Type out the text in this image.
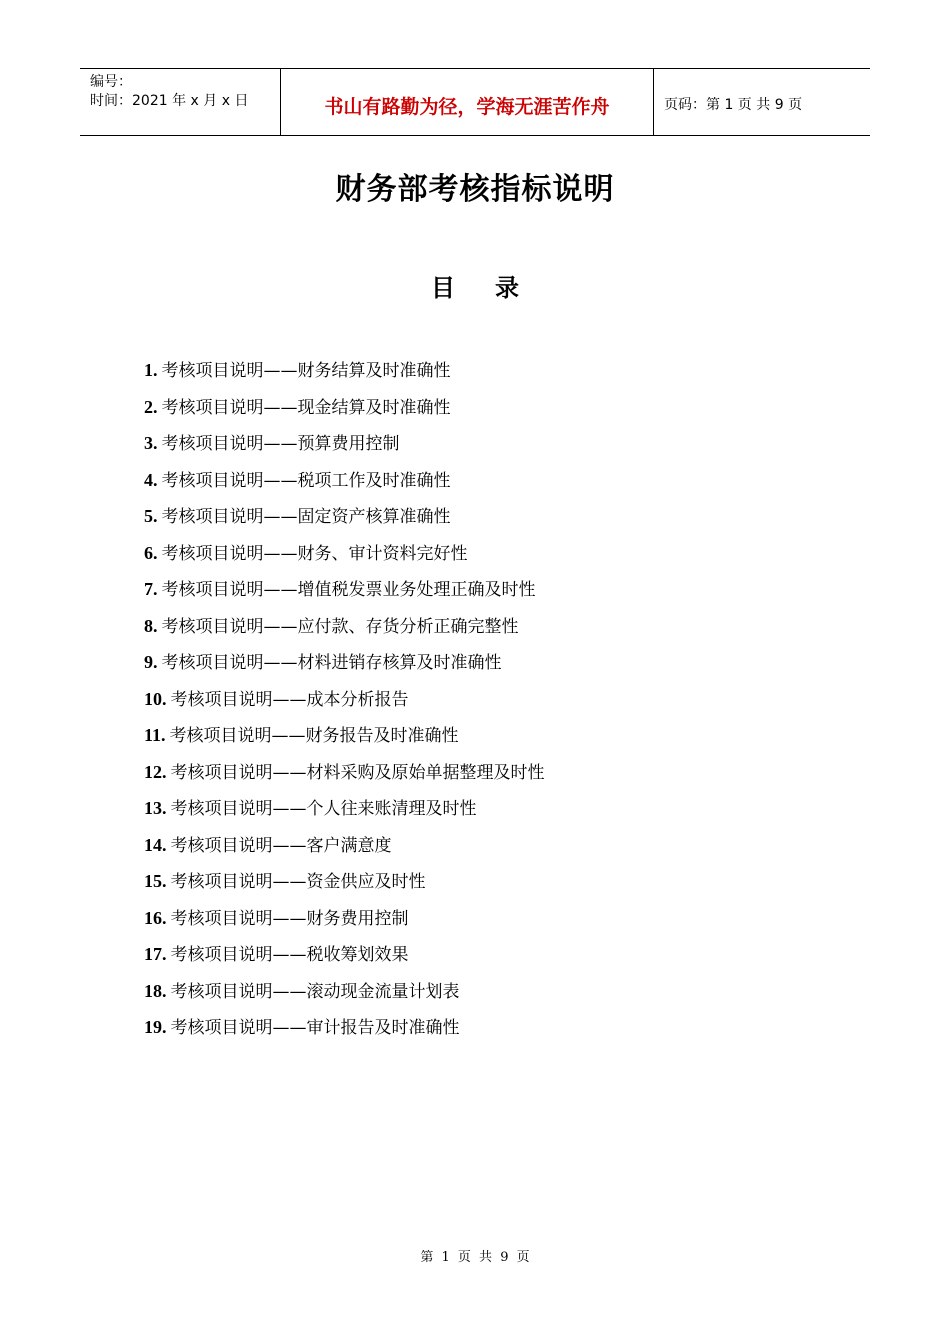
编号：
时间：2021 年 x 月 x 日	书山有路勤为径，学海无涯苦作舟	页码：第 1 页 共 9 页
财务部考核指标说明
目 录
1. 考核项目说明——财务结算及时准确性
2. 考核项目说明——现金结算及时准确性
3. 考核项目说明——预算费用控制
4. 考核项目说明——税项工作及时准确性
5. 考核项目说明——固定资产核算准确性
6. 考核项目说明——财务、审计资料完好性
7. 考核项目说明——增值税发票业务处理正确及时性
8. 考核项目说明——应付款、存货分析正确完整性
9. 考核项目说明——材料进销存核算及时准确性
10. 考核项目说明——成本分析报告
11. 考核项目说明——财务报告及时准确性
12. 考核项目说明——材料采购及原始单据整理及时性
13. 考核项目说明——个人往来账清理及时性
14. 考核项目说明——客户满意度
15. 考核项目说明——资金供应及时性
16. 考核项目说明——财务费用控制
17. 考核项目说明——税收筹划效果
18. 考核项目说明——滚动现金流量计划表
19. 考核项目说明——审计报告及时准确性
第 1 页 共 9 页
